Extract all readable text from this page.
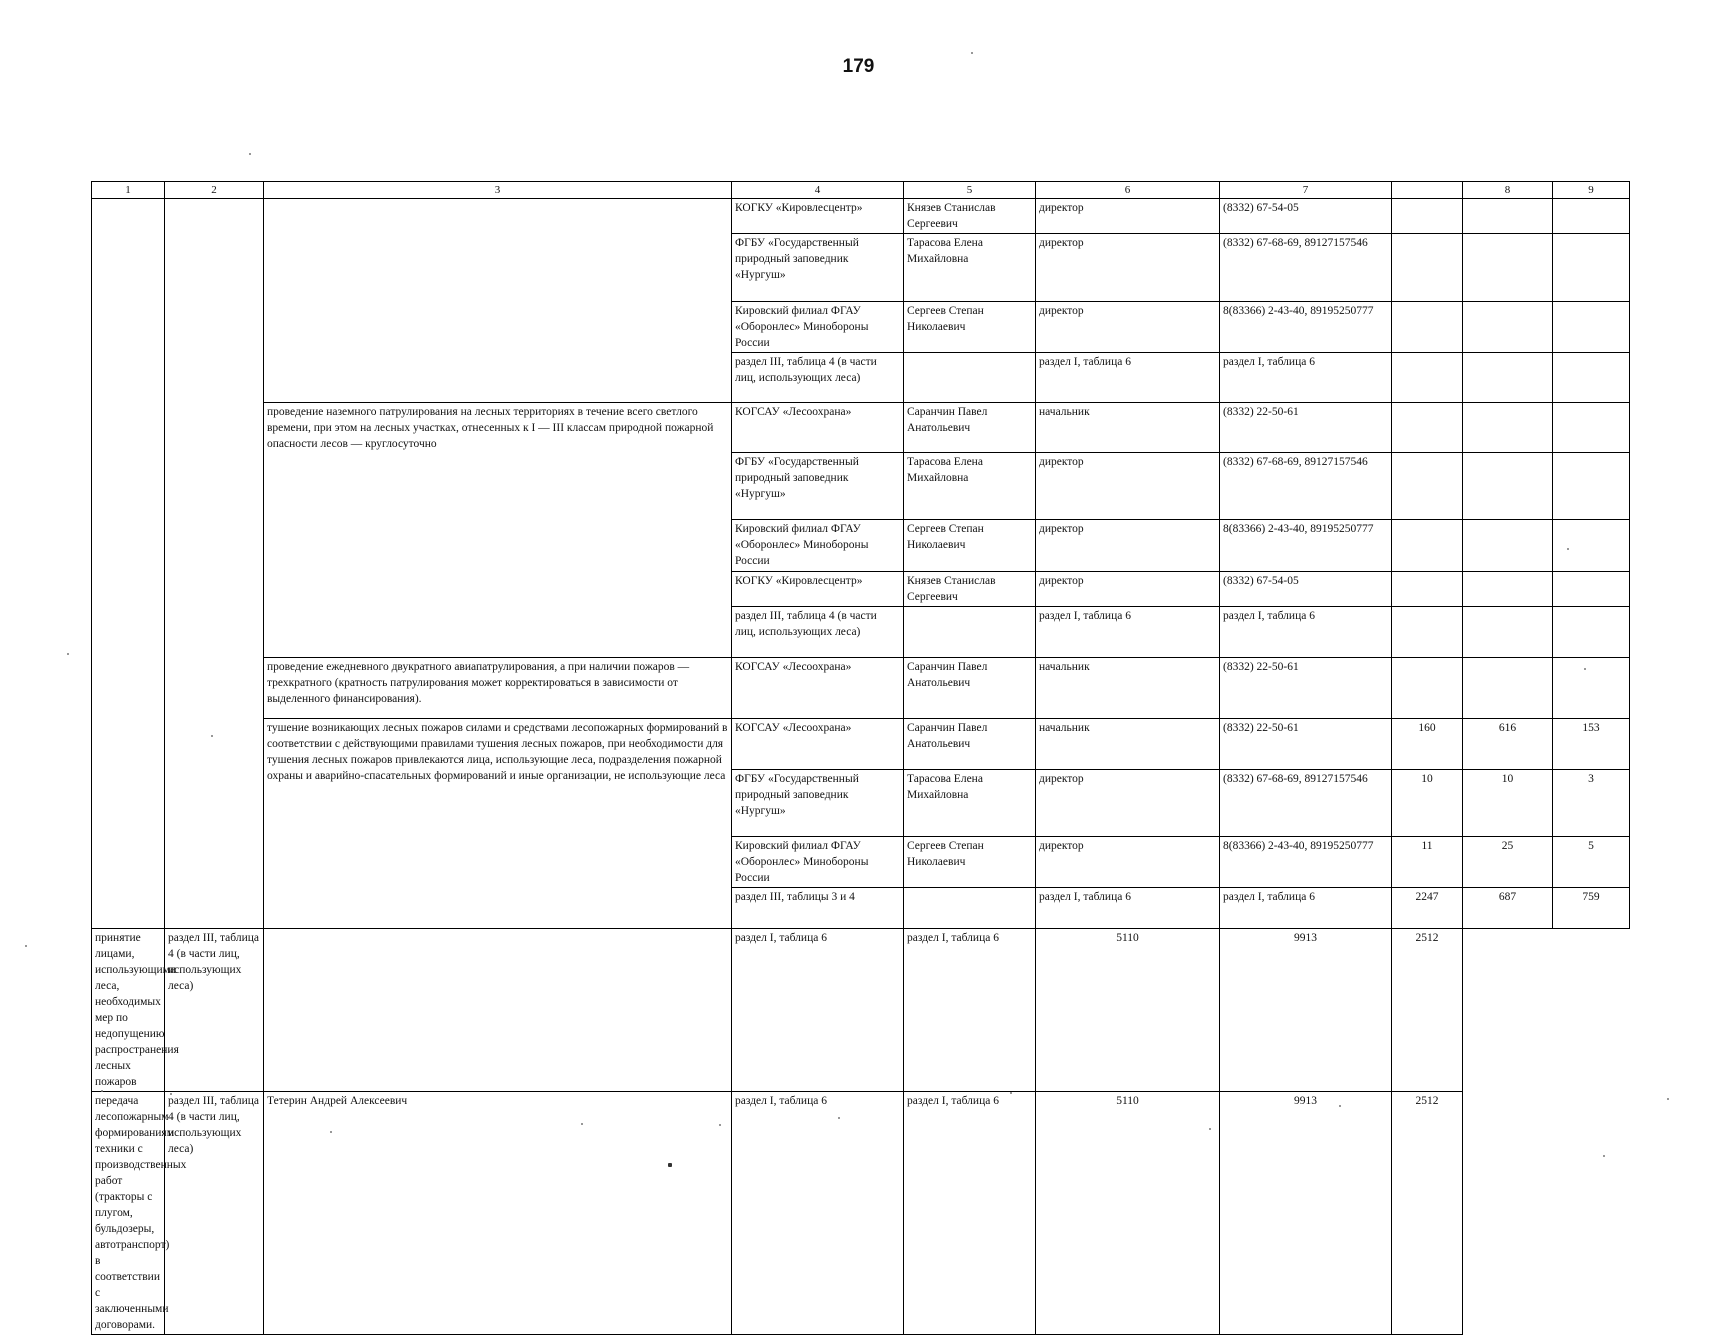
179
1	2	3	4	5	6	7		8	9
			КОГКУ «Кировлесцентр»	Князев Станислав Сергеевич	директор	(8332) 67-54-05			
			ФГБУ «Государственный природный заповедник «Нургуш»	Тарасова Елена Михайловна	директор	(8332) 67-68-69, 89127157546			
			Кировский филиал ФГАУ «Оборонлес» Минобороны России	Сергеев Степан Николаевич	директор	8(83366) 2-43-40, 89195250777			
			раздел III, таблица 4 (в части лиц, использующих леса)		раздел I, таблица 6	раздел I, таблица 6			
		проведение наземного патрулирования на лесных территориях в течение всего светлого времени, при этом на лесных участках, отнесенных к I — III классам природной пожарной опасности лесов — круглосуточно	КОГСАУ «Лесоохрана»	Саранчин Павел Анатольевич	начальник	(8332) 22-50-61			
			ФГБУ «Государственный природный заповедник «Нургуш»	Тарасова Елена Михайловна	директор	(8332) 67-68-69, 89127157546			
			Кировский филиал ФГАУ «Оборонлес» Минобороны России	Сергеев Степан Николаевич	директор	8(83366) 2-43-40, 89195250777			
			КОГКУ «Кировлесцентр»	Князев Станислав Сергеевич	директор	(8332) 67-54-05			
			раздел III, таблица 4 (в части лиц, использующих леса)		раздел I, таблица 6	раздел I, таблица 6			
		проведение ежедневного двукратного авиапатрулирования, а при наличии пожаров — трехкратного (кратность патрулирования может корректироваться в зависимости от выделенного финансирования).	КОГСАУ «Лесоохрана»	Саранчин Павел Анатольевич	начальник	(8332) 22-50-61			
		тушение возникающих лесных пожаров силами и средствами лесопожарных формирований в соответствии с действующими правилами тушения лесных пожаров, при необходимости для тушения лесных пожаров привлекаются лица, использующие леса, подразделения пожарной охраны и аварийно-спасательных формирований и иные организации, не использующие леса	КОГСАУ «Лесоохрана»	Саранчин Павел Анатольевич	начальник	(8332) 22-50-61	160	616	153
			ФГБУ «Государственный природный заповедник «Нургуш»	Тарасова Елена Михайловна	директор	(8332) 67-68-69, 89127157546	10	10	3
			Кировский филиал ФГАУ «Оборонлес» Минобороны России	Сергеев Степан Николаевич	директор	8(83366) 2-43-40, 89195250777	11	25	5
			раздел III, таблицы 3 и 4		раздел I, таблица 6	раздел I, таблица 6	2247	687	759
принятие лицами, использующими леса, необходимых мер по недопущению распространения лесных пожаров	раздел III, таблица 4 (в части лиц, использующих леса)		раздел I, таблица 6	раздел I, таблица 6	5110	9913	2512		
передача лесопожарным формированиям техники с производственных работ (тракторы с плугом, бульдозеры, автотранспорт) в соответствии с заключенными договорами.	раздел III, таблица 4 (в части лиц, использующих леса)	Тетерин Андрей Алексеевич	раздел I, таблица 6	раздел I, таблица 6	5110	9913	2512		
